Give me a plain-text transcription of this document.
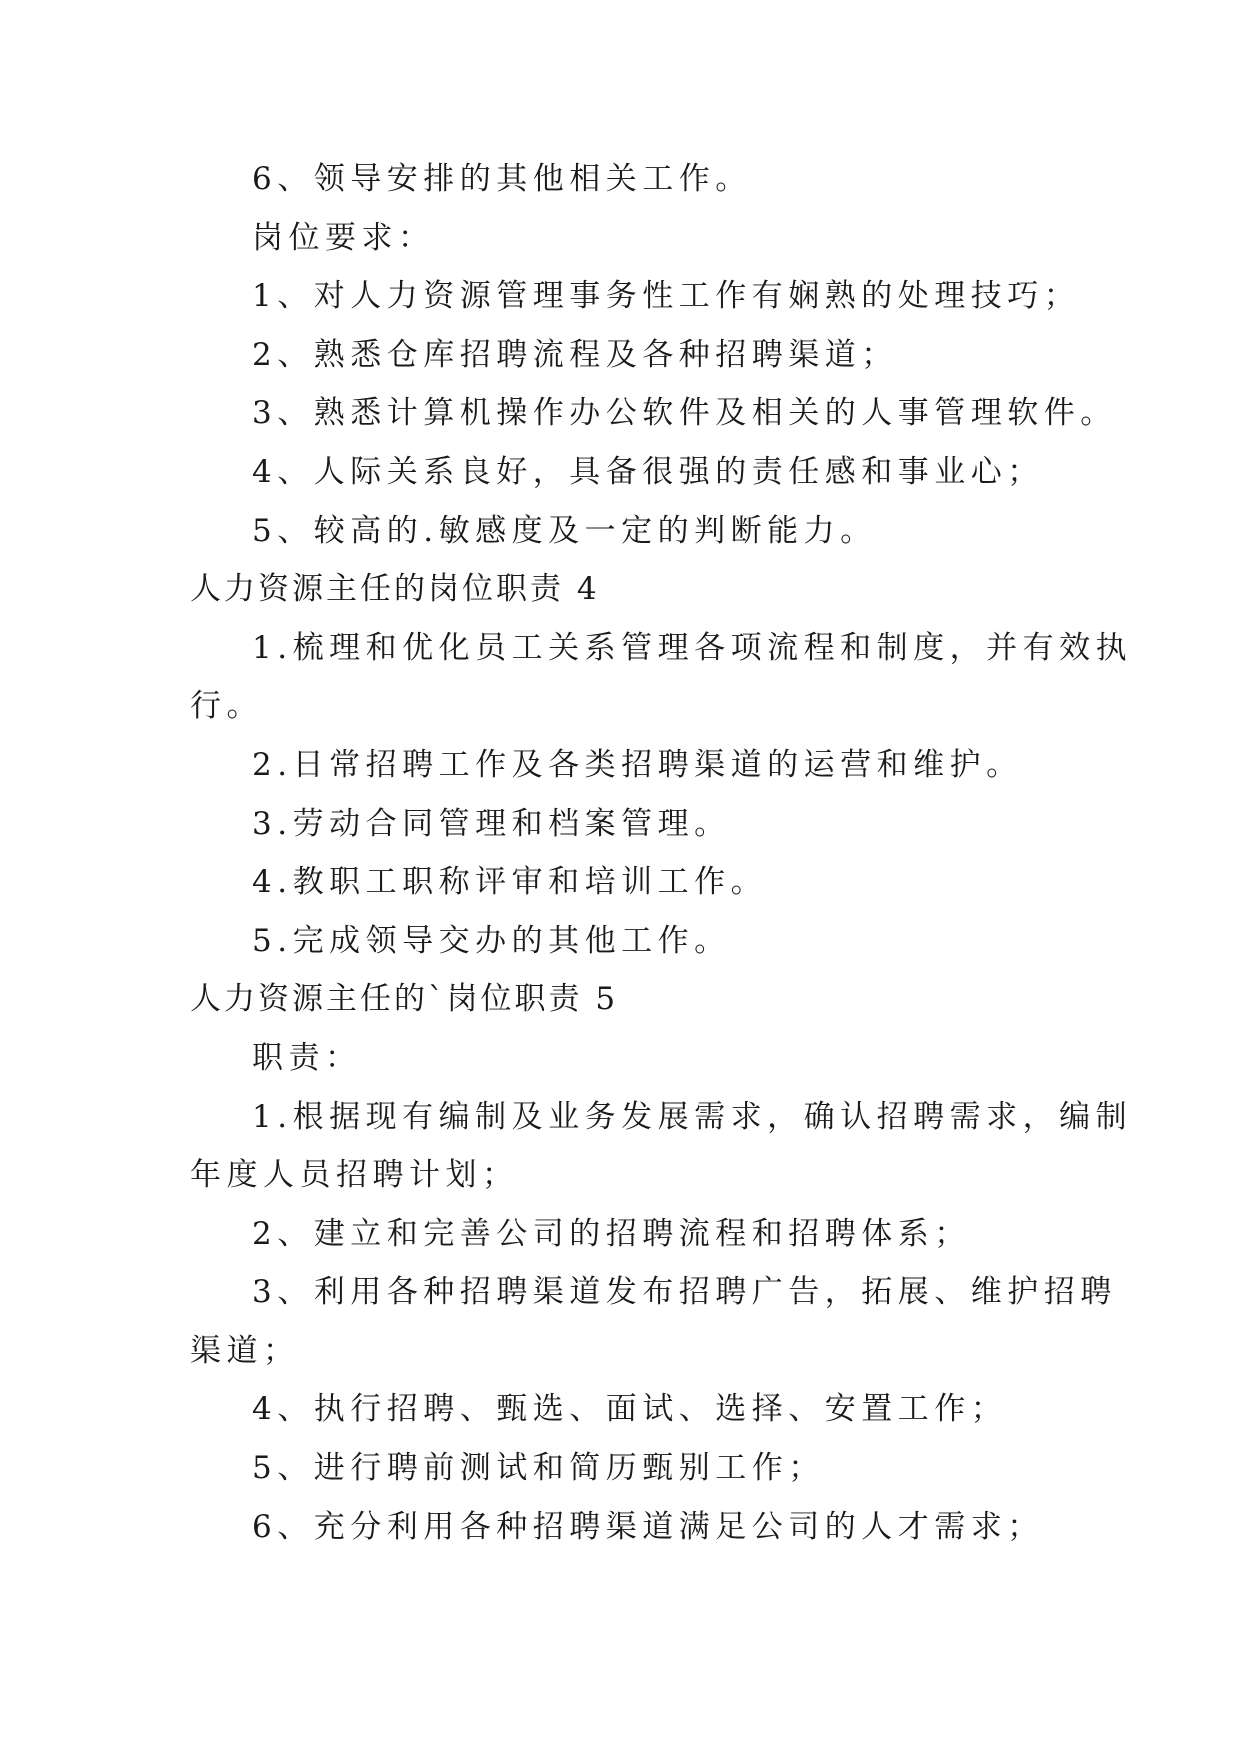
6、领导安排的其他相关工作。
岗位要求：
1、对人力资源管理事务性工作有娴熟的处理技巧；
2、熟悉仓库招聘流程及各种招聘渠道；
3、熟悉计算机操作办公软件及相关的人事管理软件。
4、人际关系良好，具备很强的责任感和事业心；
5、较高的.敏感度及一定的判断能力。
人力资源主任的岗位职责 4
1.梳理和优化员工关系管理各项流程和制度，并有效执
行。
2.日常招聘工作及各类招聘渠道的运营和维护。
3.劳动合同管理和档案管理。
4.教职工职称评审和培训工作。
5.完成领导交办的其他工作。
人力资源主任的`岗位职责 5
职责：
1.根据现有编制及业务发展需求，确认招聘需求，编制
年度人员招聘计划；
2、建立和完善公司的招聘流程和招聘体系；
3、利用各种招聘渠道发布招聘广告，拓展、维护招聘
渠道；
4、执行招聘、甄选、面试、选择、安置工作；
5、进行聘前测试和简历甄别工作；
6、充分利用各种招聘渠道满足公司的人才需求；
